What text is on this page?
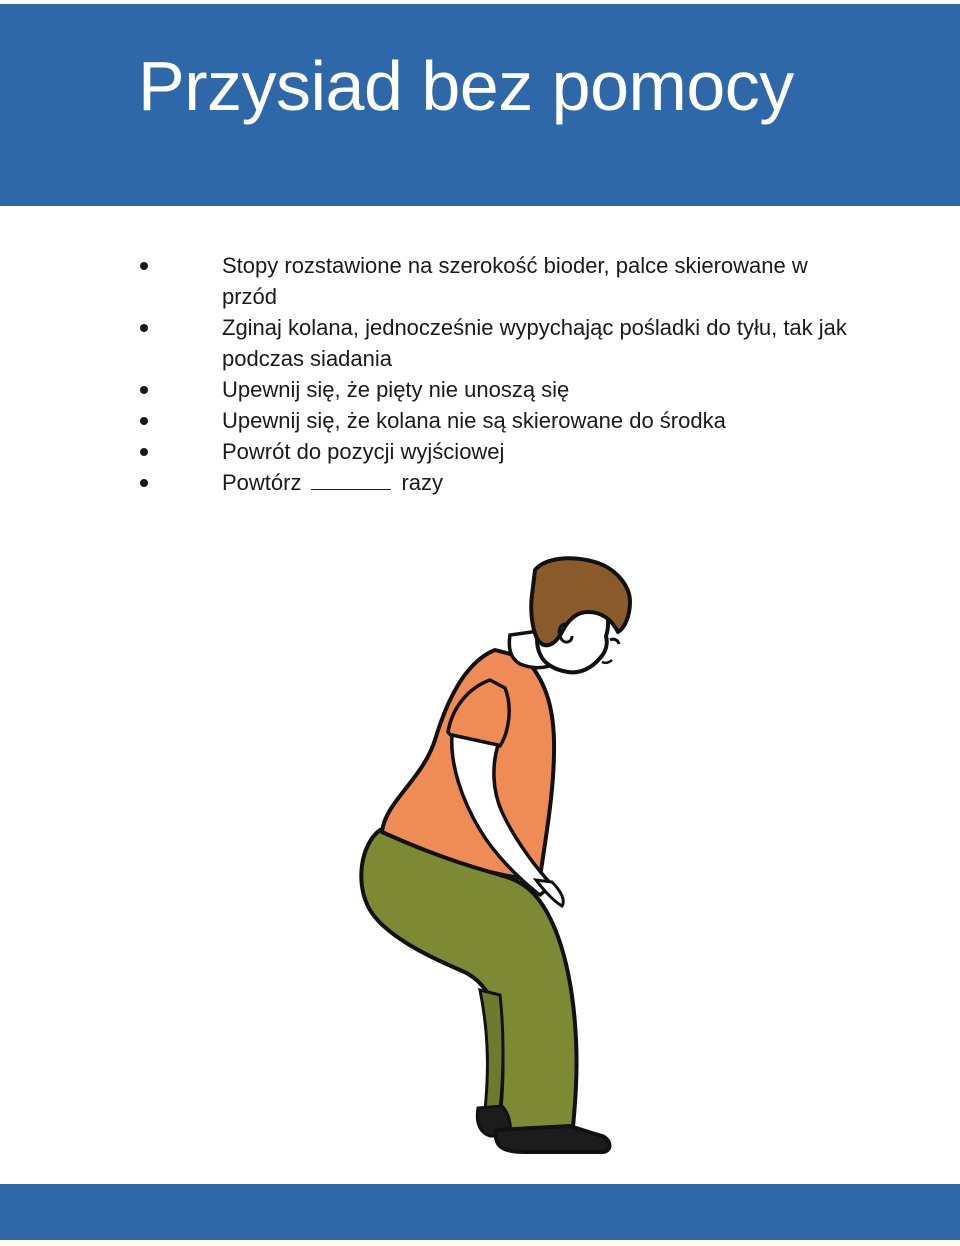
Przysiad bez pomocy
Stopy rozstawione na szerokość bioder, palce skierowane w przód
Zginaj kolana, jednocześnie wypychając pośladki do tyłu, tak jak podczas siadania
Upewnij się, że pięty nie unoszą się
Upewnij się, że kolana nie są skierowane do środka
Powrót do pozycji wyjściowej
Powtórz	razy
